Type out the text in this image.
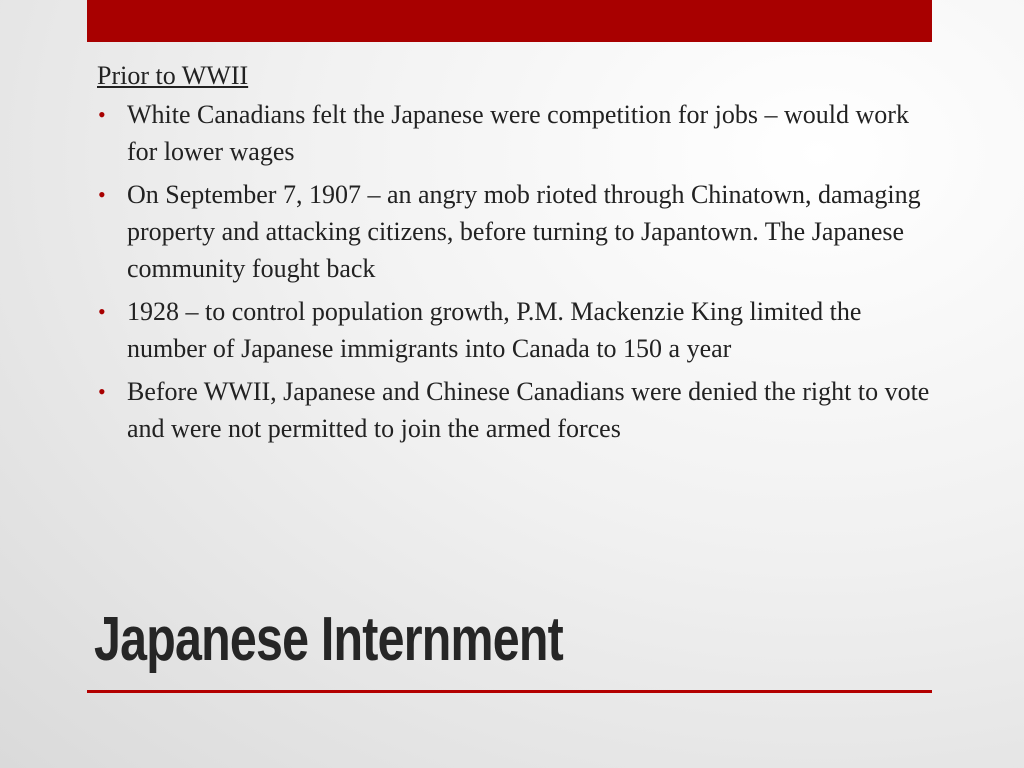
Prior to WWII
• White Canadians felt the Japanese were competition for jobs – would work for lower wages
• On September 7, 1907 – an angry mob rioted through Chinatown, damaging property and attacking citizens, before turning to Japantown. The Japanese community fought back
• 1928 – to control population growth, P.M. Mackenzie King limited the number of Japanese immigrants into Canada to 150 a year
• Before WWII, Japanese and Chinese Canadians were denied the right to vote and were not permitted to join the armed forces
Japanese Internment
